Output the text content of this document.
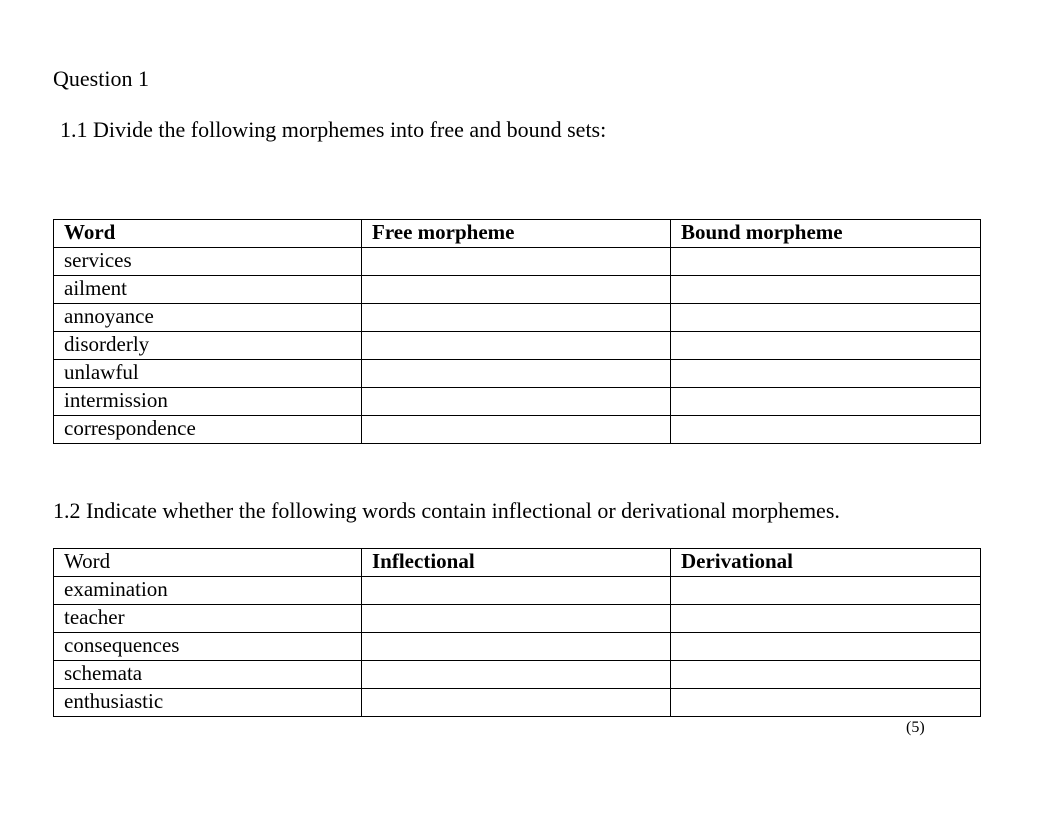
Question 1

1.1 Divide the following morphemes into free and bound sets:

Word	Free morpheme	Bound morpheme
services		
ailment		
annoyance		
disorderly		
unlawful		
intermission		
correspondence		

1.2 Indicate whether the following words contain inflectional or derivational morphemes.

Word	Inflectional	Derivational
examination		
teacher		
consequences		
schemata		
enthusiastic		
(5)
